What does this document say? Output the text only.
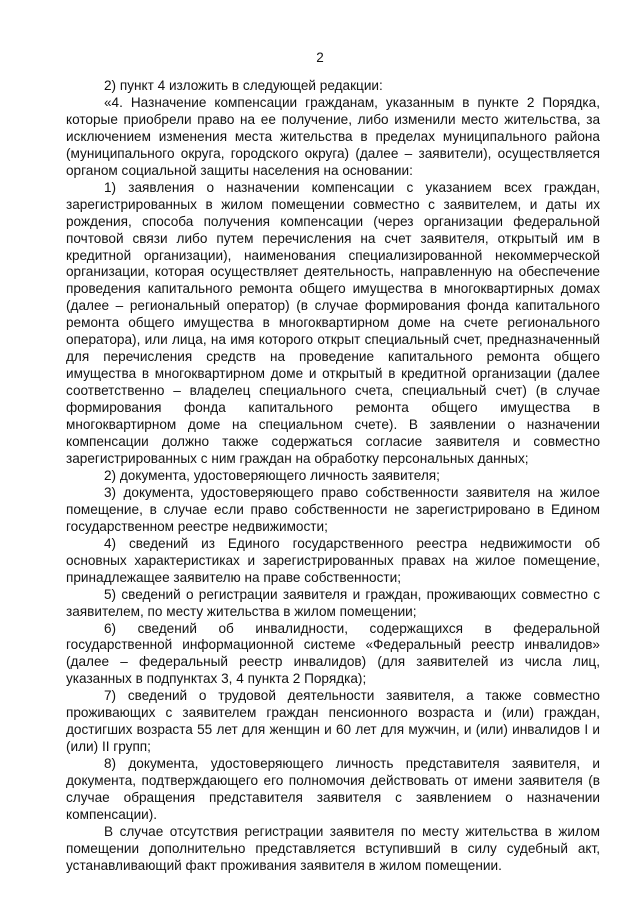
2

2) пункт 4 изложить в следующей редакции:

«4. Назначение компенсации гражданам, указанным в пункте 2 Порядка, которые приобрели право на ее получение, либо изменили место жительства, за исключением изменения места жительства в пределах муниципального района (муниципального округа, городского округа) (далее – заявители), осуществляется органом социальной защиты населения на основании:

1) заявления о назначении компенсации с указанием всех граждан, зарегистрированных в жилом помещении совместно с заявителем, и даты их рождения, способа получения компенсации (через организации федеральной почтовой связи либо путем перечисления на счет заявителя, открытый им в кредитной организации), наименования специализированной некоммерческой организации, которая осуществляет деятельность, направленную на обеспечение проведения капитального ремонта общего имущества в многоквартирных домах (далее – региональный оператор) (в случае формирования фонда капитального ремонта общего имущества в многоквартирном доме на счете регионального оператора), или лица, на имя которого открыт специальный счет, предназначенный для перечисления средств на проведение капитального ремонта общего имущества в многоквартирном доме и открытый в кредитной организации (далее соответственно – владелец специального счета, специальный счет) (в случае формирования фонда капитального ремонта общего имущества в многоквартирном доме на специальном счете). В заявлении о назначении компенсации должно также содержаться согласие заявителя и совместно зарегистрированных с ним граждан на обработку персональных данных;

2) документа, удостоверяющего личность заявителя;

3) документа, удостоверяющего право собственности заявителя на жилое помещение, в случае если право собственности не зарегистрировано в Едином государственном реестре недвижимости;

4) сведений из Единого государственного реестра недвижимости об основных характеристиках и зарегистрированных правах на жилое помещение, принадлежащее заявителю на праве собственности;

5) сведений о регистрации заявителя и граждан, проживающих совместно с заявителем, по месту жительства в жилом помещении;

6) сведений об инвалидности, содержащихся в федеральной государственной информационной системе «Федеральный реестр инвалидов» (далее – федеральный реестр инвалидов) (для заявителей из числа лиц, указанных в подпунктах 3, 4 пункта 2 Порядка);

7) сведений о трудовой деятельности заявителя, а также совместно проживающих с заявителем граждан пенсионного возраста и (или) граждан, достигших возраста 55 лет для женщин и 60 лет для мужчин, и (или) инвалидов I и (или) II групп;

8) документа, удостоверяющего личность представителя заявителя, и документа, подтверждающего его полномочия действовать от имени заявителя (в случае обращения представителя заявителя с заявлением о назначении компенсации).

В случае отсутствия регистрации заявителя по месту жительства в жилом помещении дополнительно представляется вступивший в силу судебный акт, устанавливающий факт проживания заявителя в жилом помещении.
